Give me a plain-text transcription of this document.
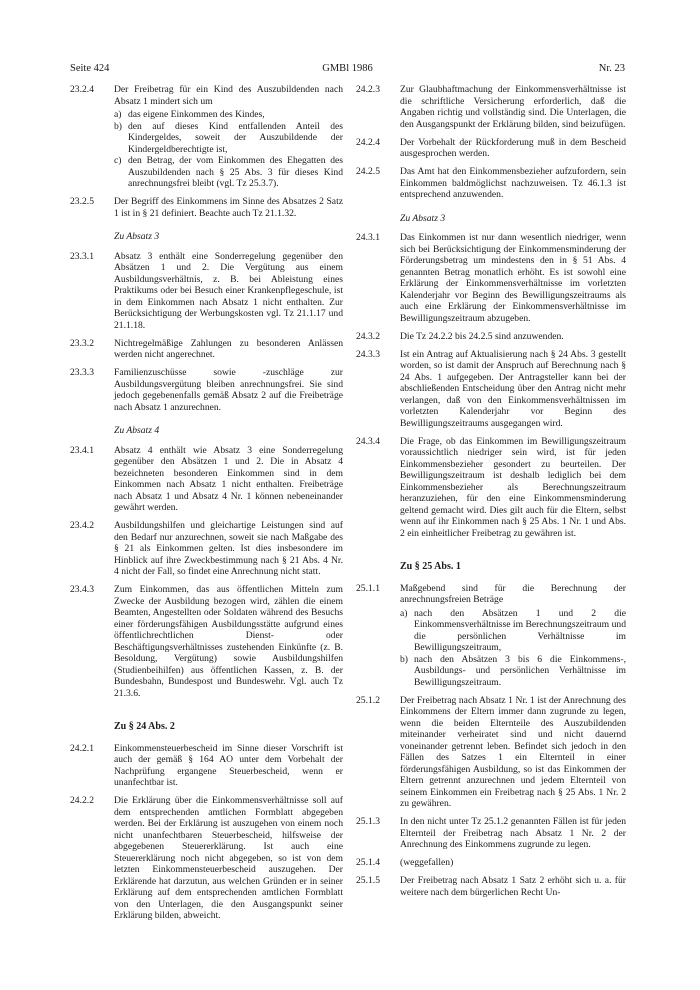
GMBl 1986
Seite 424	Nr. 23
23.2.4 Der Freibetrag für ein Kind des Auszubildenden nach Absatz 1 mindert sich um
a) das eigene Einkommen des Kindes,
b) den auf dieses Kind entfallenden Anteil des Kindergeldes, soweit der Auszubildende der Kindergeldberechtigte ist,
c) den Betrag, der vom Einkommen des Ehegatten des Auszubildenden nach § 25 Abs. 3 für dieses Kind anrechnungsfrei bleibt (vgl. Tz 25.3.7).
23.2.5 Der Begriff des Einkommens im Sinne des Absatzes 2 Satz 1 ist in § 21 definiert. Beachte auch Tz 21.1.32.
Zu Absatz 3
23.3.1 Absatz 3 enthält eine Sonderregelung gegenüber den Absätzen 1 und 2. Die Vergütung aus einem Ausbildungsverhältnis, z. B. bei Ableistung eines Praktikums oder bei Besuch einer Krankenpflegeschule, ist in dem Einkommen nach Absatz 1 nicht enthalten. Zur Berücksichtigung der Werbungskosten vgl. Tz 21.1.17 und 21.1.18.
23.3.2 Nichtregelmäßige Zahlungen zu besonderen Anlässen werden nicht angerechnet.
23.3.3 Familienzuschüsse sowie -zuschläge zur Ausbildungsvergütung bleiben anrechnungsfrei. Sie sind jedoch gegebenenfalls gemäß Absatz 2 auf die Freibeträge nach Absatz 1 anzurechnen.
Zu Absatz 4
23.4.1 Absatz 4 enthält wie Absatz 3 eine Sonderregelung gegenüber den Absätzen 1 und 2. Die in Absatz 4 bezeichneten besonderen Einkommen sind in dem Einkommen nach Absatz 1 nicht enthalten. Freibeträge nach Absatz 1 und Absatz 4 Nr. 1 können nebeneinander gewährt werden.
23.4.2 Ausbildungshilfen und gleichartige Leistungen sind auf den Bedarf nur anzurechnen, soweit sie nach Maßgabe des § 21 als Einkommen gelten. Ist dies insbesondere im Hinblick auf ihre Zweckbestimmung nach § 21 Abs. 4 Nr. 4 nicht der Fall, so findet eine Anrechnung nicht statt.
23.4.3 Zum Einkommen, das aus öffentlichen Mitteln zum Zwecke der Ausbildung bezogen wird, zählen die einem Beamten, Angestellten oder Soldaten während des Besuchs einer förderungsfähigen Ausbildungsstätte aufgrund eines öffentlichrechtlichen Dienst- oder Beschäftigungsverhältnisses zustehenden Einkünfte (z. B. Besoldung, Vergütung) sowie Ausbildungshilfen (Studienbeihilfen) aus öffentlichen Kassen, z. B. der Bundesbahn, Bundespost und Bundeswehr. Vgl. auch Tz 21.3.6.
Zu § 24 Abs. 2
24.2.1 Einkommensteuerbescheid im Sinne dieser Vorschrift ist auch der gemäß § 164 AO unter dem Vorbehalt der Nachprüfung ergangene Steuerbescheid, wenn er unanfechtbar ist.
24.2.2 Die Erklärung über die Einkommensverhältnisse soll auf dem entsprechenden amtlichen Formblatt abgegeben werden. Bei der Erklärung ist auszugehen von einem noch nicht unanfechtbaren Steuerbescheid, hilfsweise der abgegebenen Steuererklärung. Ist auch eine Steuererklärung noch nicht abgegeben, so ist von dem letzten Einkommensteuerbescheid auszugehen. Der Erklärende hat darzutun, aus welchen Gründen er in seiner Erklärung auf dem entsprechenden amtlichen Formblatt von den Unterlagen, die den Ausgangspunkt seiner Erklärung bilden, abweicht.
24.2.3 Zur Glaubhaftmachung der Einkommensverhältnisse ist die schriftliche Versicherung erforderlich, daß die Angaben richtig und vollständig sind. Die Unterlagen, die den Ausgangspunkt der Erklärung bilden, sind beizufügen.
24.2.4 Der Vorbehalt der Rückforderung muß in dem Bescheid ausgesprochen werden.
24.2.5 Das Amt hat den Einkommensbezieher aufzufordern, sein Einkommen baldmöglichst nachzuweisen. Tz 46.1.3 ist entsprechend anzuwenden.
Zu Absatz 3
24.3.1 Das Einkommen ist nur dann wesentlich niedriger, wenn sich bei Berücksichtigung der Einkommensminderung der Förderungsbetrag um mindestens den in § 51 Abs. 4 genannten Betrag monatlich erhöht. Es ist sowohl eine Erklärung der Einkommensverhältnisse im vorletzten Kalenderjahr vor Beginn des Bewilligungszeitraums als auch eine Erklärung der Einkommensverhältnisse im Bewilligungszeitraum abzugeben.
24.3.2 Die Tz 24.2.2 bis 24.2.5 sind anzuwenden.
24.3.3 Ist ein Antrag auf Aktualisierung nach § 24 Abs. 3 gestellt worden, so ist damit der Anspruch auf Berechnung nach § 24 Abs. 1 aufgegeben. Der Antragsteller kann bei der abschließenden Entscheidung über den Antrag nicht mehr verlangen, daß von den Einkommensverhältnissen im vorletzten Kalenderjahr vor Beginn des Bewilligungszeitraums ausgegangen wird.
24.3.4 Die Frage, ob das Einkommen im Bewilligungszeitraum voraussichtlich niedriger sein wird, ist für jeden Einkommensbezieher gesondert zu beurteilen. Der Bewilligungszeitraum ist deshalb lediglich bei dem Einkommensbezieher als Berechnungszeitraum heranzuziehen, für den eine Einkommensminderung geltend gemacht wird. Dies gilt auch für die Eltern, selbst wenn auf ihr Einkommen nach § 25 Abs. 1 Nr. 1 und Abs. 2 ein einheitlicher Freibetrag zu gewähren ist.
Zu § 25 Abs. 1
25.1.1 Maßgebend sind für die Berechnung der anrechnungsfreien Beträge
a) nach den Absätzen 1 und 2 die Einkommensverhältnisse im Berechnungszeitraum und die persönlichen Verhältnisse im Bewilligungszeitraum,
b) nach den Absätzen 3 bis 6 die Einkommens-, Ausbildungs- und persönlichen Verhältnisse im Bewilligungszeitraum.
25.1.2 Der Freibetrag nach Absatz 1 Nr. 1 ist der Anrechnung des Einkommens der Eltern immer dann zugrunde zu legen, wenn die beiden Elternteile des Auszubildenden miteinander verheiratet sind und nicht dauernd voneinander getrennt leben. Befindet sich jedoch in den Fällen des Satzes 1 ein Elternteil in einer förderungsfähigen Ausbildung, so ist das Einkommen der Eltern getrennt anzurechnen und jedem Elternteil von seinem Einkommen ein Freibetrag nach § 25 Abs. 1 Nr. 2 zu gewähren.
25.1.3 In den nicht unter Tz 25.1.2 genannten Fällen ist für jeden Elternteil der Freibetrag nach Absatz 1 Nr. 2 der Anrechnung des Einkommens zugrunde zu legen.
25.1.4 (weggefallen)
25.1.5 Der Freibetrag nach Absatz 1 Satz 2 erhöht sich u. a. für weitere nach dem bürgerlichen Recht Un-
